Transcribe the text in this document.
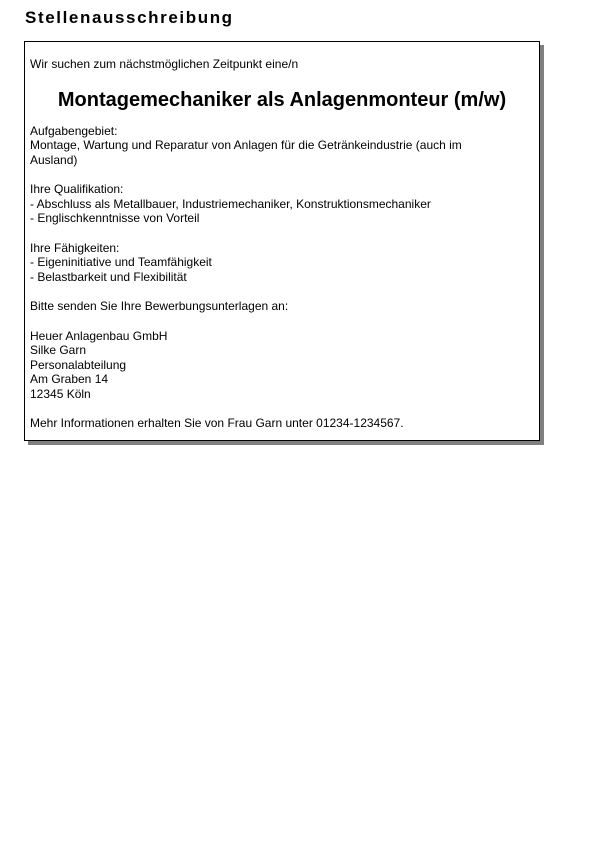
Stellenausschreibung

Wir suchen zum nächstmöglichen Zeitpunkt eine/n

Montagemechaniker als Anlagenmonteur (m/w)
Aufgabengebiet:
Montage, Wartung und Reparatur von Anlagen für die Getränkeindustrie (auch im Ausland)
Ihre Qualifikation:
- Abschluss als Metallbauer, Industriemechaniker, Konstruktionsmechaniker
- Englischkenntnisse von Vorteil
Ihre Fähigkeiten:
- Eigeninitiative und Teamfähigkeit
- Belastbarkeit und Flexibilität
Bitte senden Sie Ihre Bewerbungsunterlagen an:
Heuer Anlagenbau GmbH
Silke Garn
Personalabteilung
Am Graben 14
12345 Köln
Mehr Informationen erhalten Sie von Frau Garn unter 01234-1234567.
